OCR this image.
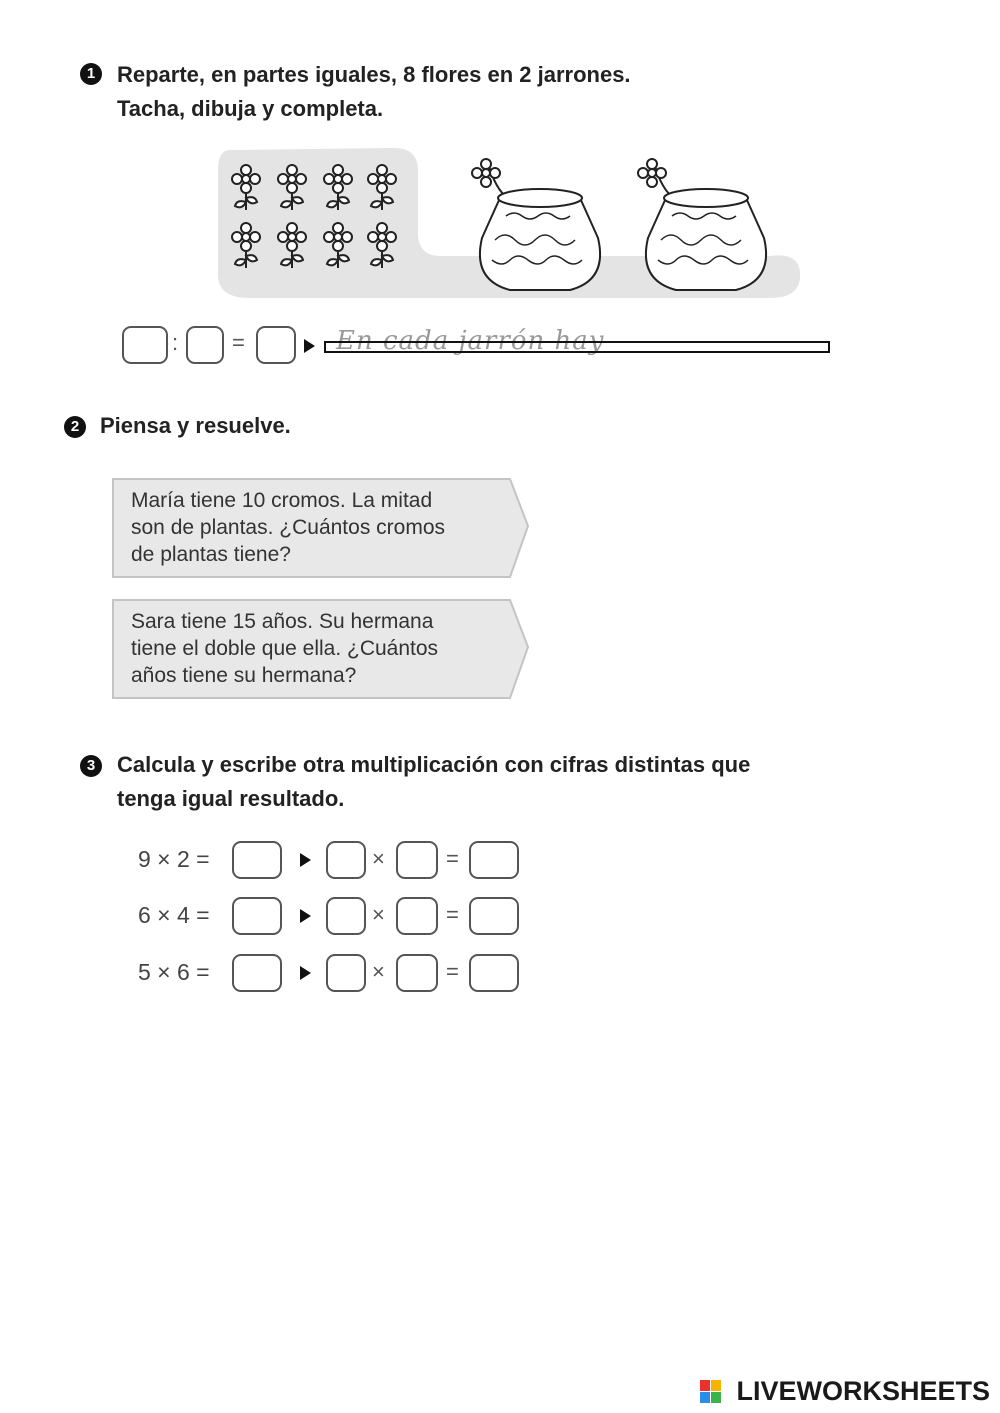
1 Reparte, en partes iguales, 8 flores en 2 jarrones.
Tacha, dibuja y completa.
: =	En cada jarrón hay
2 Piensa y resuelve.
María tiene 10 cromos. La mitad
son de plantas. ¿Cuántos cromos
de plantas tiene?
Sara tiene 15 años. Su hermana
tiene el doble que ella. ¿Cuántos
años tiene su hermana?
3 Calcula y escribe otra multiplicación con cifras distintas que
tenga igual resultado.
9 × 2 =	×	=
6 × 4 =	×	=
5 × 6 =	×	=
LIVEWORKSHEETS
